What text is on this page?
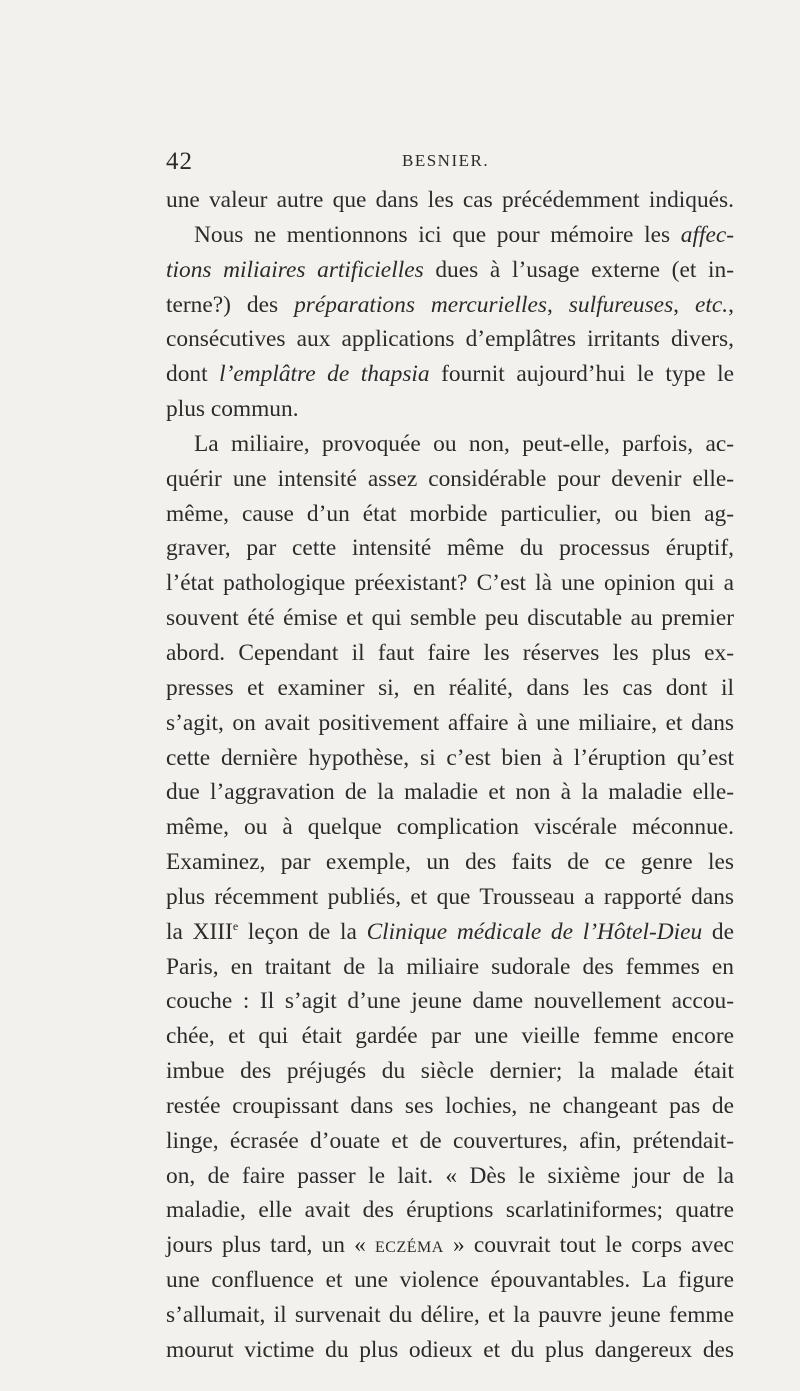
42	BESNIER.
une valeur autre que dans les cas précédemment indiqués.
Nous ne mentionnons ici que pour mémoire les affec-
tions miliaires artificielles dues à l’usage externe (et in-
terne?) des préparations mercurielles, sulfureuses, etc.,
consécutives aux applications d’emplâtres irritants divers,
dont l’emplâtre de thapsia fournit aujourd’hui le type le
plus commun.
La miliaire, provoquée ou non, peut-elle, parfois, ac-
quérir une intensité assez considérable pour devenir elle-
même, cause d’un état morbide particulier, ou bien ag-
graver, par cette intensité même du processus éruptif,
l’état pathologique préexistant? C’est là une opinion qui a
souvent été émise et qui semble peu discutable au premier
abord. Cependant il faut faire les réserves les plus ex-
presses et examiner si, en réalité, dans les cas dont il
s’agit, on avait positivement affaire à une miliaire, et dans
cette dernière hypothèse, si c’est bien à l’éruption qu’est
due l’aggravation de la maladie et non à la maladie elle-
même, ou à quelque complication viscérale méconnue.
Examinez, par exemple, un des faits de ce genre les
plus récemment publiés, et que Trousseau a rapporté dans
la XIIIe leçon de la Clinique médicale de l’Hôtel-Dieu de
Paris, en traitant de la miliaire sudorale des femmes en
couche : Il s’agit d’une jeune dame nouvellement accou-
chée, et qui était gardée par une vieille femme encore
imbue des préjugés du siècle dernier; la malade était
restée croupissant dans ses lochies, ne changeant pas de
linge, écrasée d’ouate et de couvertures, afin, prétendait-
on, de faire passer le lait. « Dès le sixième jour de la
maladie, elle avait des éruptions scarlatiniformes; quatre
jours plus tard, un « eczéma » couvrait tout le corps avec
une confluence et une violence épouvantables. La figure
s’allumait, il survenait du délire, et la pauvre jeune femme
mourut victime du plus odieux et du plus dangereux des
